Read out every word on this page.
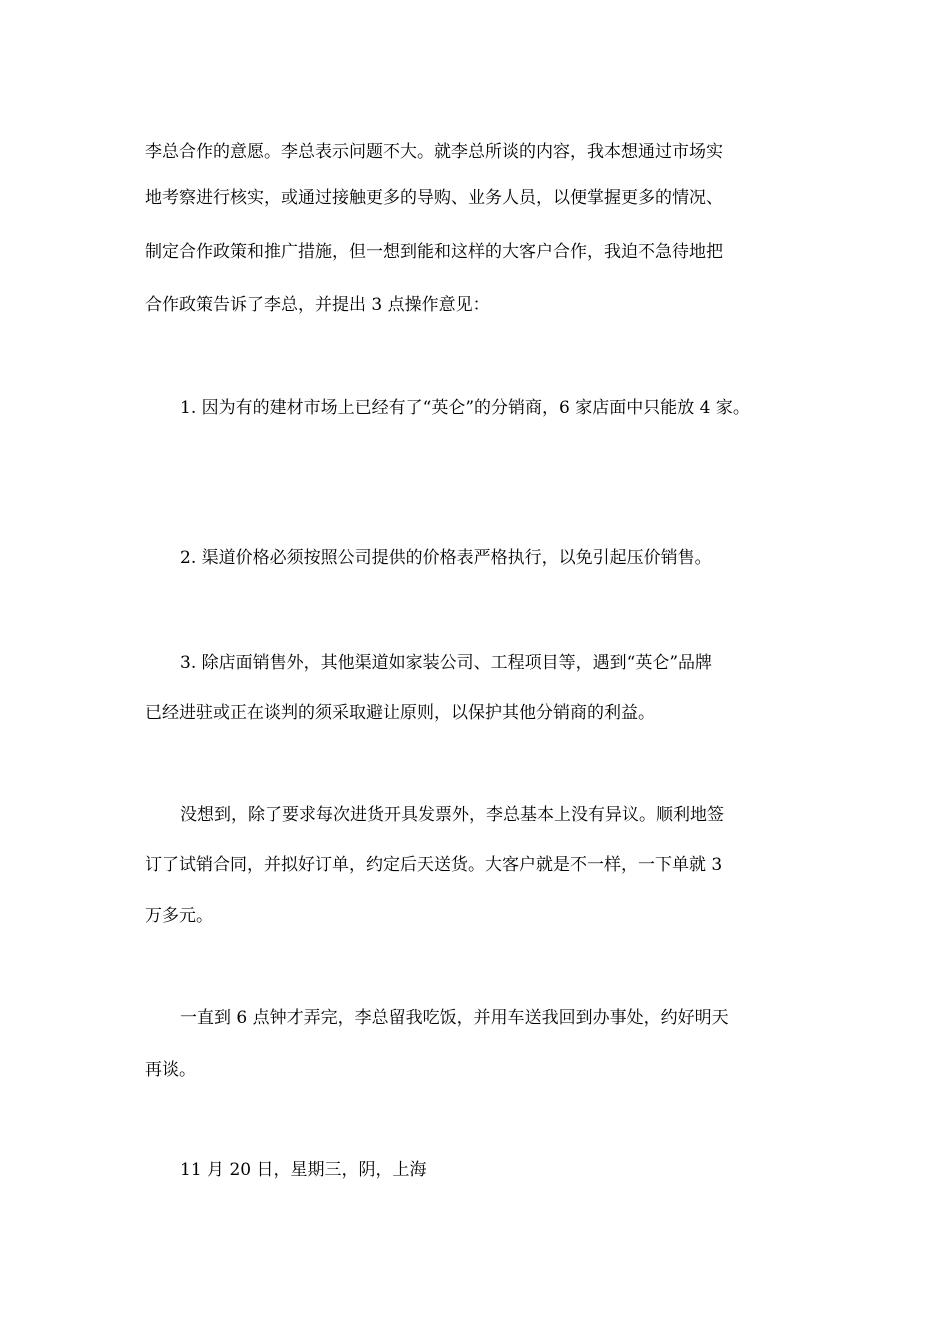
李总合作的意愿。李总表示问题不大。就李总所谈的内容，我本想通过市场实

地考察进行核实，或通过接触更多的导购、业务人员，以便掌握更多的情况、

制定合作政策和推广措施，但一想到能和这样的大客户合作，我迫不急待地把

合作政策告诉了李总，并提出 3 点操作意见：

1. 因为有的建材市场上已经有了“英仑”的分销商，6 家店面中只能放 4 家。

2. 渠道价格必须按照公司提供的价格表严格执行，以免引起压价销售。

3. 除店面销售外，其他渠道如家装公司、工程项目等，遇到“英仑”品牌

已经进驻或正在谈判的须采取避让原则，以保护其他分销商的利益。

没想到，除了要求每次进货开具发票外，李总基本上没有异议。顺利地签

订了试销合同，并拟好订单，约定后天送货。大客户就是不一样，一下单就 3

万多元。

一直到 6 点钟才弄完，李总留我吃饭，并用车送我回到办事处，约好明天

再谈。

11 月 20 日，星期三，阴，上海
